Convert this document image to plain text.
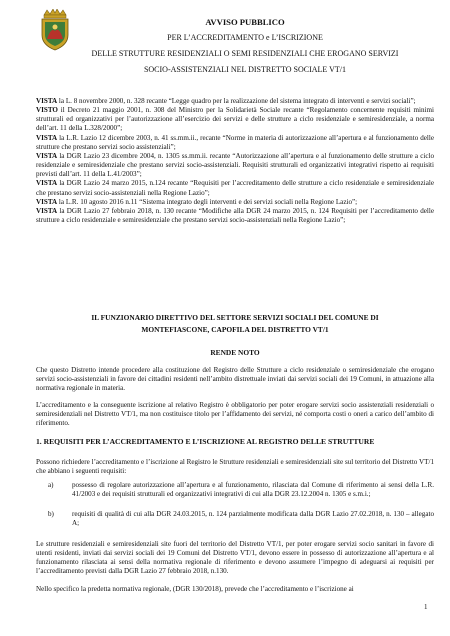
AVVISO PUBBLICO
PER L’ACCREDITAMENTO e L’ISCRIZIONE
DELLE STRUTTURE RESIDENZIALI O SEMI RESIDENZIALI CHE EROGANO SERVIZI
SOCIO-ASSISTENZIALI NEL DISTRETTO SOCIALE VT/1

VISTA la L. 8 novembre 2000, n. 328 recante “Legge quadro per la realizzazione del sistema integrato di interventi e servizi sociali”;

VISTO il Decreto 21 maggio 2001, n. 308 del Ministro per la Solidarietà Sociale recante “Regolamento concernente requisiti minimi strutturali ed organizzativi per l’autorizzazione all’esercizio dei servizi e delle strutture a ciclo residenziale e semiresidenziale, a norma dell’art. 11 della L.328/2000”;

VISTA la L.R. Lazio 12 dicembre 2003, n. 41 ss.mm.ii., recante “Norme in materia di autorizzazione all’apertura e al funzionamento delle strutture che prestano servizi socio assistenziali”;

VISTA la DGR Lazio 23 dicembre 2004, n. 1305 ss.mm.ii. recante “Autorizzazione all’apertura e al funzionamento delle strutture a ciclo residenziale e semiresidenziale che prestano servizi socio-assistenziali. Requisiti strutturali ed organizzativi integrativi rispetto ai requisiti previsti dall’art. 11 della L.41/2003”;

VISTA la DGR Lazio 24 marzo 2015, n.124 recante “Requisiti per l’accreditamento delle strutture a ciclo residenziale e semiresidenziale che prestano servizi socio-assistenziali nella Regione Lazio”;

VISTA la L.R. 10 agosto 2016 n.11 “Sistema integrato degli interventi e dei servizi sociali nella Regione Lazio”;

VISTA la DGR Lazio 27 febbraio 2018, n. 130 recante “Modifiche alla DGR 24 marzo 2015, n. 124 Requisiti per l’accreditamento delle strutture a ciclo residenziale e semiresidenziale che prestano servizi socio-assistenziali nella Regione Lazio”;

IL FUNZIONARIO DIRETTIVO DEL SETTORE SERVIZI SOCIALI DEL COMUNE DI
MONTEFIASCONE, CAPOFILA DEL DISTRETTO VT/1
RENDE NOTO
Che questo Distretto intende procedere alla costituzione del Registro delle Strutture a ciclo residenziale o semiresidenziale che erogano servizi socio-assistenziali in favore dei cittadini residenti nell’ambito distrettuale inviati dai servizi sociali dei 19 Comuni, in attuazione alla normativa regionale in materia.
L’accreditamento e la conseguente iscrizione al relativo Registro è obbligatorio per poter erogare servizi socio assistenziali residenziali o semiresidenziali nel Distretto VT/1, ma non costituisce titolo per l’affidamento dei servizi, né comporta costi o oneri a carico dell’ambito di riferimento.
1. REQUISITI PER L’ACCREDITAMENTO E L’ISCRIZIONE AL REGISTRO DELLE STRUTTURE
Possono richiedere l’accreditamento e l’iscrizione al Registro le Strutture residenziali e semiresidenziali site sul territorio del Distretto VT/1 che abbiano i seguenti requisiti:
a)	possesso di regolare autorizzazione all’apertura e al funzionamento, rilasciata dal Comune di riferimento ai sensi della L.R. 41/2003 e dei requisiti strutturali ed organizzativi integrativi di cui alla DGR 23.12.2004 n. 1305 e s.m.i.;
b)	requisiti di qualità di cui alla DGR 24.03.2015, n. 124 parzialmente modificata dalla DGR Lazio 27.02.2018, n. 130 – allegato A;
Le strutture residenziali e semiresidenziali site fuori del territorio del Distretto VT/1, per poter erogare servizi socio sanitari in favore di utenti residenti, inviati dai servizi sociali dei 19 Comuni del Distretto VT/1, devono essere in possesso di autorizzazione all’apertura e al funzionamento rilasciata ai sensi della normativa regionale di riferimento e devono assumere l’impegno di adeguarsi ai requisiti per l’accreditamento previsti dalla DGR Lazio 27 febbraio 2018, n.130.
Nello specifico la predetta normativa regionale, (DGR 130/2018), prevede che l’accreditamento e l’iscrizione ai
1
